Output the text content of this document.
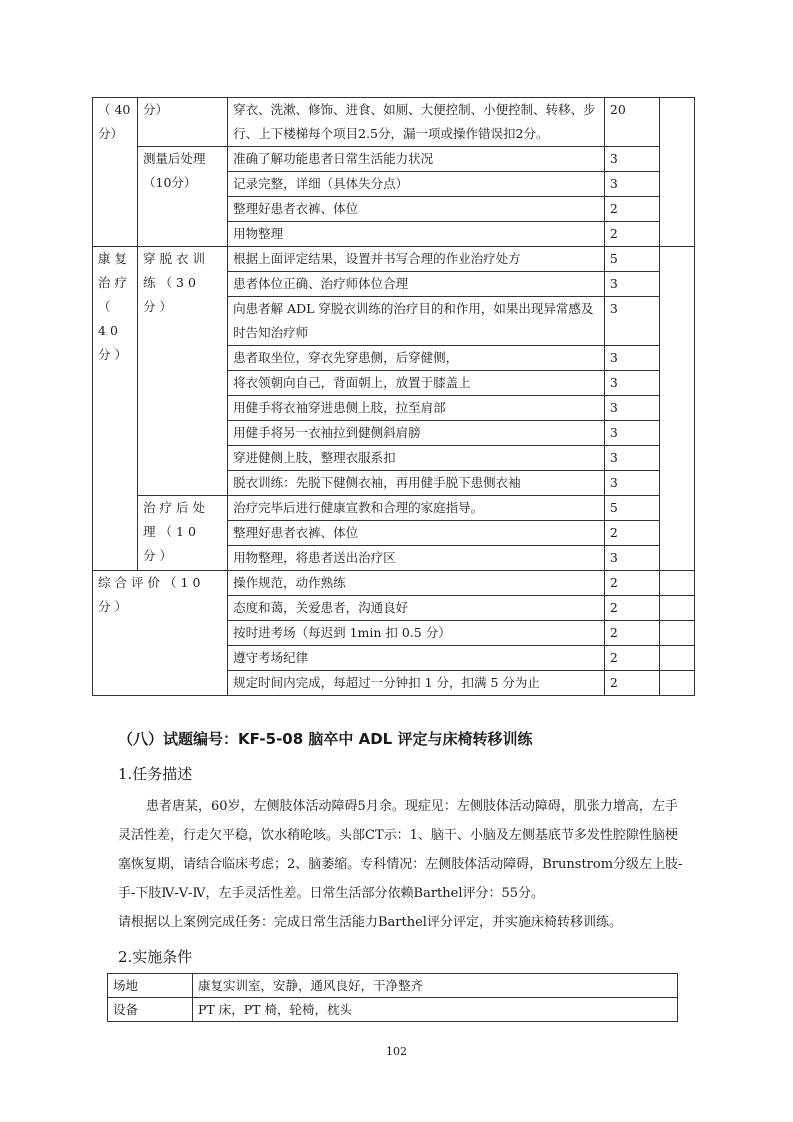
（ 40分）	分）	穿衣、洗漱、修饰、进食、如厕、大便控制、小便控制、转移、步行、上下楼梯每个项目2.5分，漏一项或操作错误扣2分。	20	
	测量后处理（10分）	准确了解功能患者日常生活能力状况	3	
		记录完整，详细（具体失分点）	3	
		整理好患者衣裤、体位	2	
		用物整理	2	
康复治疗（ 40分）	穿脱衣训练（30分）	根据上面评定结果，设置并书写合理的作业治疗处方	5	
		患者体位正确、治疗师体位合理	3	
		向患者解 ADL 穿脱衣训练的治疗目的和作用，如果出现异常感及时告知治疗师	3	
		患者取坐位，穿衣先穿患侧，后穿健侧，	3	
		将衣领朝向自己，背面朝上，放置于膝盖上	3	
		用健手将衣袖穿进患侧上肢，拉至肩部	3	
		用健手将另一衣袖拉到健侧斜肩膀	3	
		穿进健侧上肢，整理衣服系扣	3	
		脱衣训练：先脱下健侧衣袖，再用健手脱下患侧衣袖	3	
	治疗后处理（10分）	治疗完毕后进行健康宣教和合理的家庭指导。	5	
		整理好患者衣裤、体位	2	
		用物整理，将患者送出治疗区	3	
综合评价（10分）		操作规范，动作熟练	2	
		态度和蔼，关爱患者，沟通良好	2	
		按时进考场（每迟到 1min 扣 0.5 分）	2	
		遵守考场纪律	2	
		规定时间内完成，每超过一分钟扣 1 分，扣满 5 分为止	2	
（八）试题编号：KF-5-08 脑卒中 ADL 评定与床椅转移训练
1.任务描述

患者唐某，60岁，左侧肢体活动障碍5月余。现症见：左侧肢体活动障碍，肌张力增高，左手灵活性差，行走欠平稳，饮水稍呛咳。头部CT示：1、脑干、小脑及左侧基底节多发性腔隙性脑梗塞恢复期，请结合临床考虑；2、脑萎缩。专科情况：左侧肢体活动障碍，Brunstrom分级左上肢-手-下肢Ⅳ-Ⅴ-Ⅳ，左手灵活性差。日常生活部分依赖Barthel评分：55分。

请根据以上案例完成任务：完成日常生活能力Barthel评分评定，并实施床椅转移训练。

2.实施条件
场地	康复实训室，安静，通风良好，干净整齐
设备	PT 床，PT 椅，轮椅，枕头
102
